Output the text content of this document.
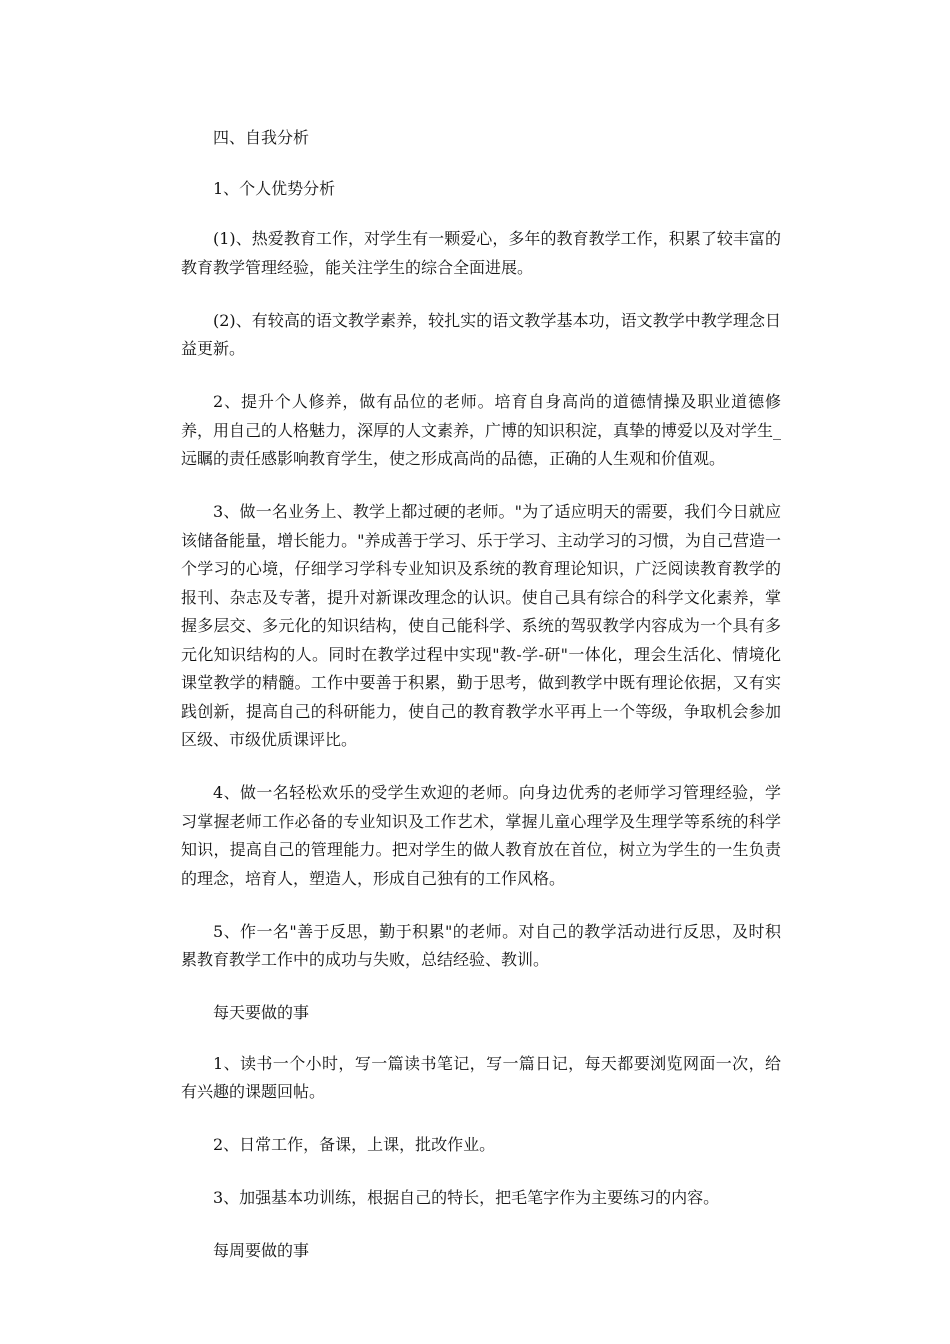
四、自我分析

1、个人优势分析

(1)、热爱教育工作，对学生有一颗爱心，多年的教育教学工作，积累了较丰富的教育教学管理经验，能关注学生的综合全面进展。

(2)、有较高的语文教学素养，较扎实的语文教学基本功，语文教学中教学理念日益更新。

2、提升个人修养，做有品位的老师。培育自身高尚的道德情操及职业道德修养，用自己的人格魅力，深厚的人文素养，广博的知识积淀，真挚的博爱以及对学生_远瞩的责任感影响教育学生，使之形成高尚的品德，正确的人生观和价值观。

3、做一名业务上、教学上都过硬的老师。"为了适应明天的需要，我们今日就应该储备能量，增长能力。"养成善于学习、乐于学习、主动学习的习惯，为自己营造一个学习的心境，仔细学习学科专业知识及系统的教育理论知识，广泛阅读教育教学的报刊、杂志及专著，提升对新课改理念的认识。使自己具有综合的科学文化素养，掌握多层交、多元化的知识结构，使自己能科学、系统的驾驭教学内容成为一个具有多元化知识结构的人。同时在教学过程中实现"教-学-研"一体化，理会生活化、情境化课堂教学的精髓。工作中要善于积累，勤于思考，做到教学中既有理论依据，又有实践创新，提高自己的科研能力，使自己的教育教学水平再上一个等级，争取机会参加区级、市级优质课评比。

4、做一名轻松欢乐的受学生欢迎的老师。向身边优秀的老师学习管理经验，学习掌握老师工作必备的专业知识及工作艺术，掌握儿童心理学及生理学等系统的科学知识，提高自己的管理能力。把对学生的做人教育放在首位，树立为学生的一生负责的理念，培育人，塑造人，形成自己独有的工作风格。

5、作一名"善于反思，勤于积累"的老师。对自己的教学活动进行反思，及时积累教育教学工作中的成功与失败，总结经验、教训。

每天要做的事

1、读书一个小时，写一篇读书笔记，写一篇日记，每天都要浏览网面一次，给有兴趣的课题回帖。

2、日常工作，备课，上课，批改作业。

3、加强基本功训练，根据自己的特长，把毛笔字作为主要练习的内容。

每周要做的事
